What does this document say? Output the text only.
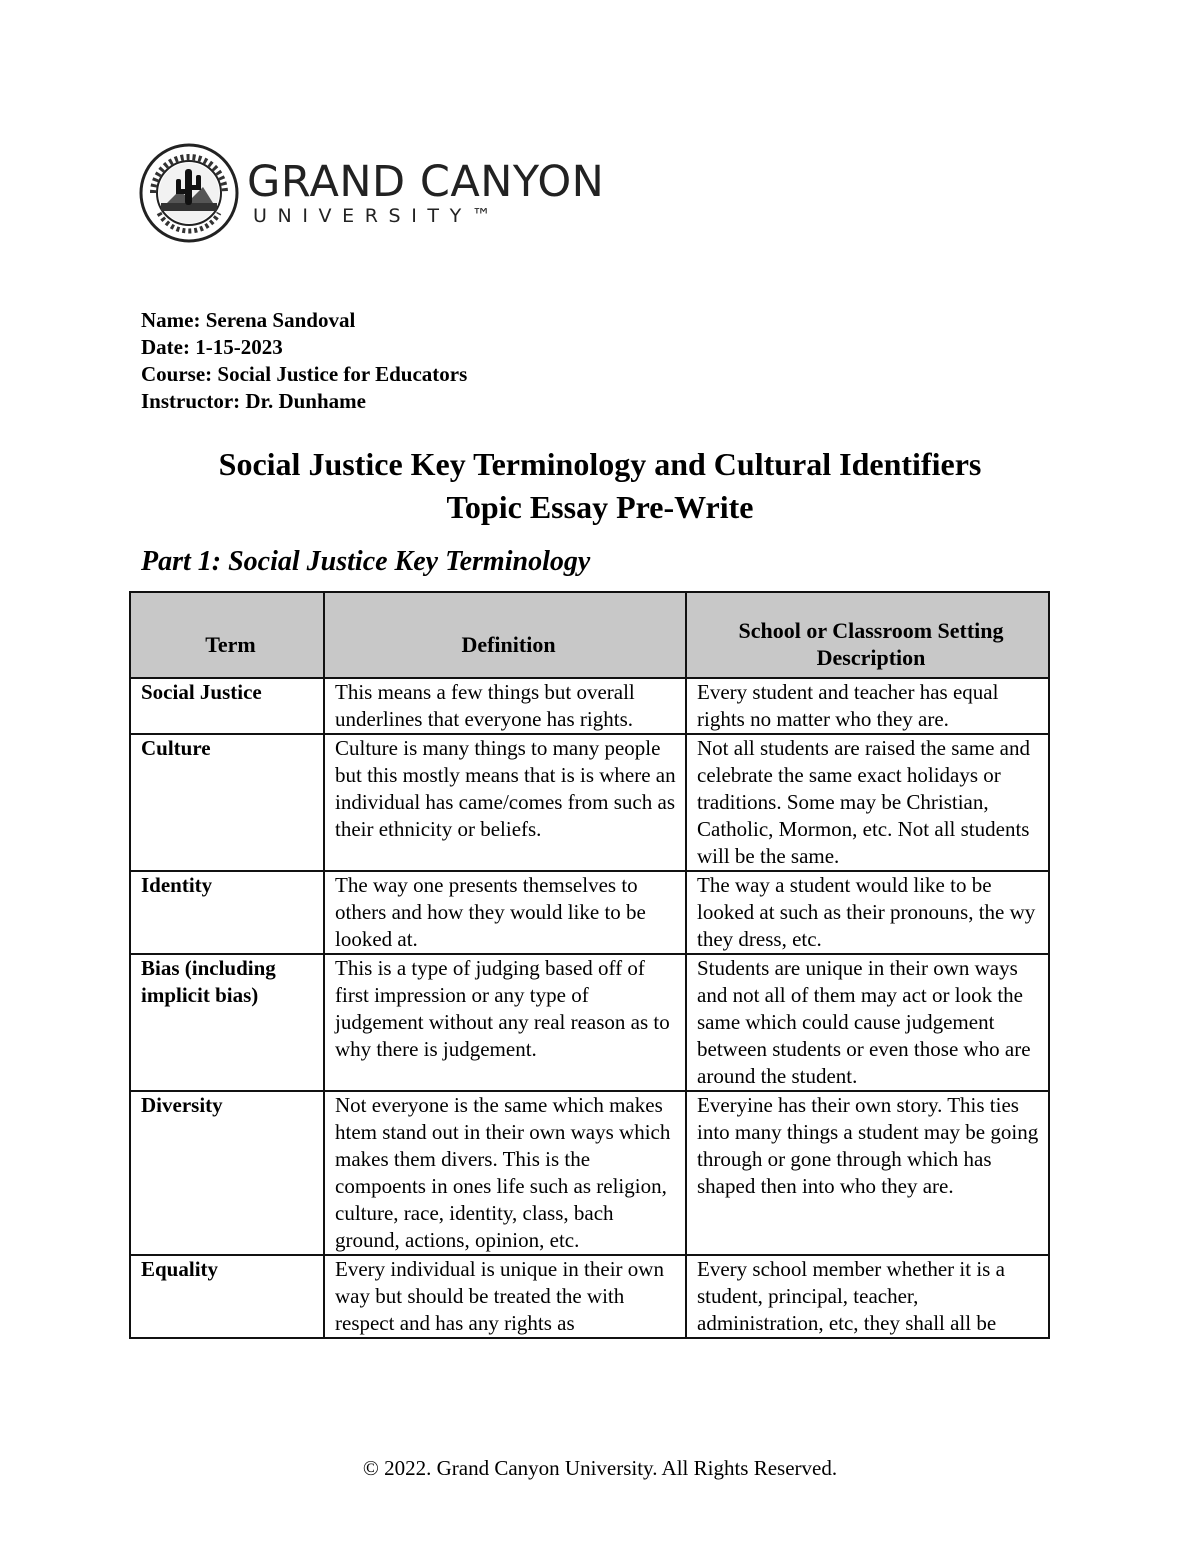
GRAND CANYON
UNIVERSITY™
Name: Serena Sandoval
Date: 1-15-2023
Course: Social Justice for Educators
Instructor: Dr. Dunhame
Social Justice Key Terminology and Cultural Identifiers
Topic Essay Pre-Write
Part 1: Social Justice Key Terminology
Term	Definition	School or Classroom Setting Description
Social Justice	This means a few things but overall underlines that everyone has rights.	Every student and teacher has equal rights no matter who they are.
Culture	Culture is many things to many people but this mostly means that is is where an individual has came/comes from such as their ethnicity or beliefs.	Not all students are raised the same and celebrate the same exact holidays or traditions. Some may be Christian, Catholic, Mormon, etc. Not all students will be the same.
Identity	The way one presents themselves to others and how they would like to be looked at.	The way a student would like to be looked at such as their pronouns, the wy they dress, etc.
Bias (including implicit bias)	This is a type of judging based off of first impression or any type of judgement without any real reason as to why there is judgement.	Students are unique in their own ways and not all of them may act or look the same which could cause judgement between students or even those who are around the student.
Diversity	Not everyone is the same which makes htem stand out in their own ways which makes them divers. This is the compoents in ones life such as religion, culture, race, identity, class, bach ground, actions, opinion, etc.	Everyine has their own story. This ties into many things a student may be going through or gone through which has shaped then into who they are.
Equality	Every individual is unique in their own way but should be treated the with respect and has any rights as	Every school member whether it is a student, principal, teacher, administration, etc, they shall all be
© 2022. Grand Canyon University. All Rights Reserved.
